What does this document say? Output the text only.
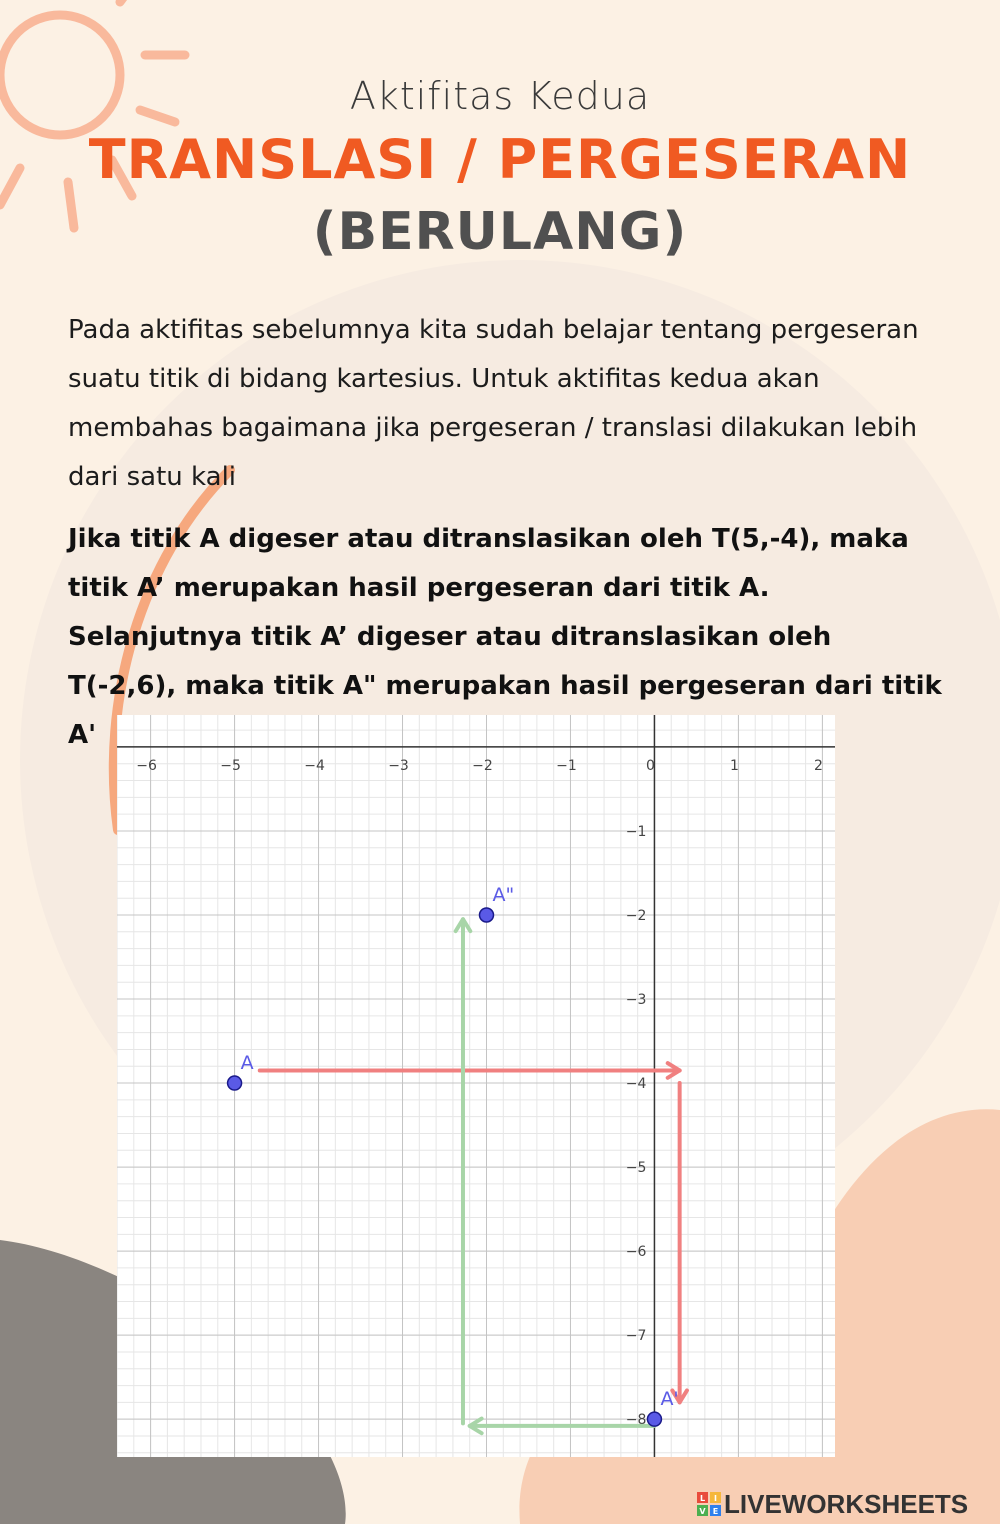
Aktifitas Kedua
TRANSLASI / PERGESERAN
(BERULANG)
Pada aktifitas sebelumnya kita sudah belajar tentang pergeseran suatu titik di bidang kartesius. Untuk aktifitas kedua akan membahas bagaimana jika pergeseran / translasi dilakukan lebih dari satu kali
Jika titik A digeser atau ditranslasikan oleh T(5,-4), maka titik A’ merupakan hasil pergeseran dari titik A. Selanjutnya titik A’ digeser atau ditranslasikan oleh T(-2,6), maka titik A" merupakan hasil pergeseran dari titik A'
−6	−5	−4	−3	−2	−1	0	1	2
−1
−2
−3
−4
−5
−6
−7
−8
A
A'
A"
L I
V E LIVEWORKSHEETS
